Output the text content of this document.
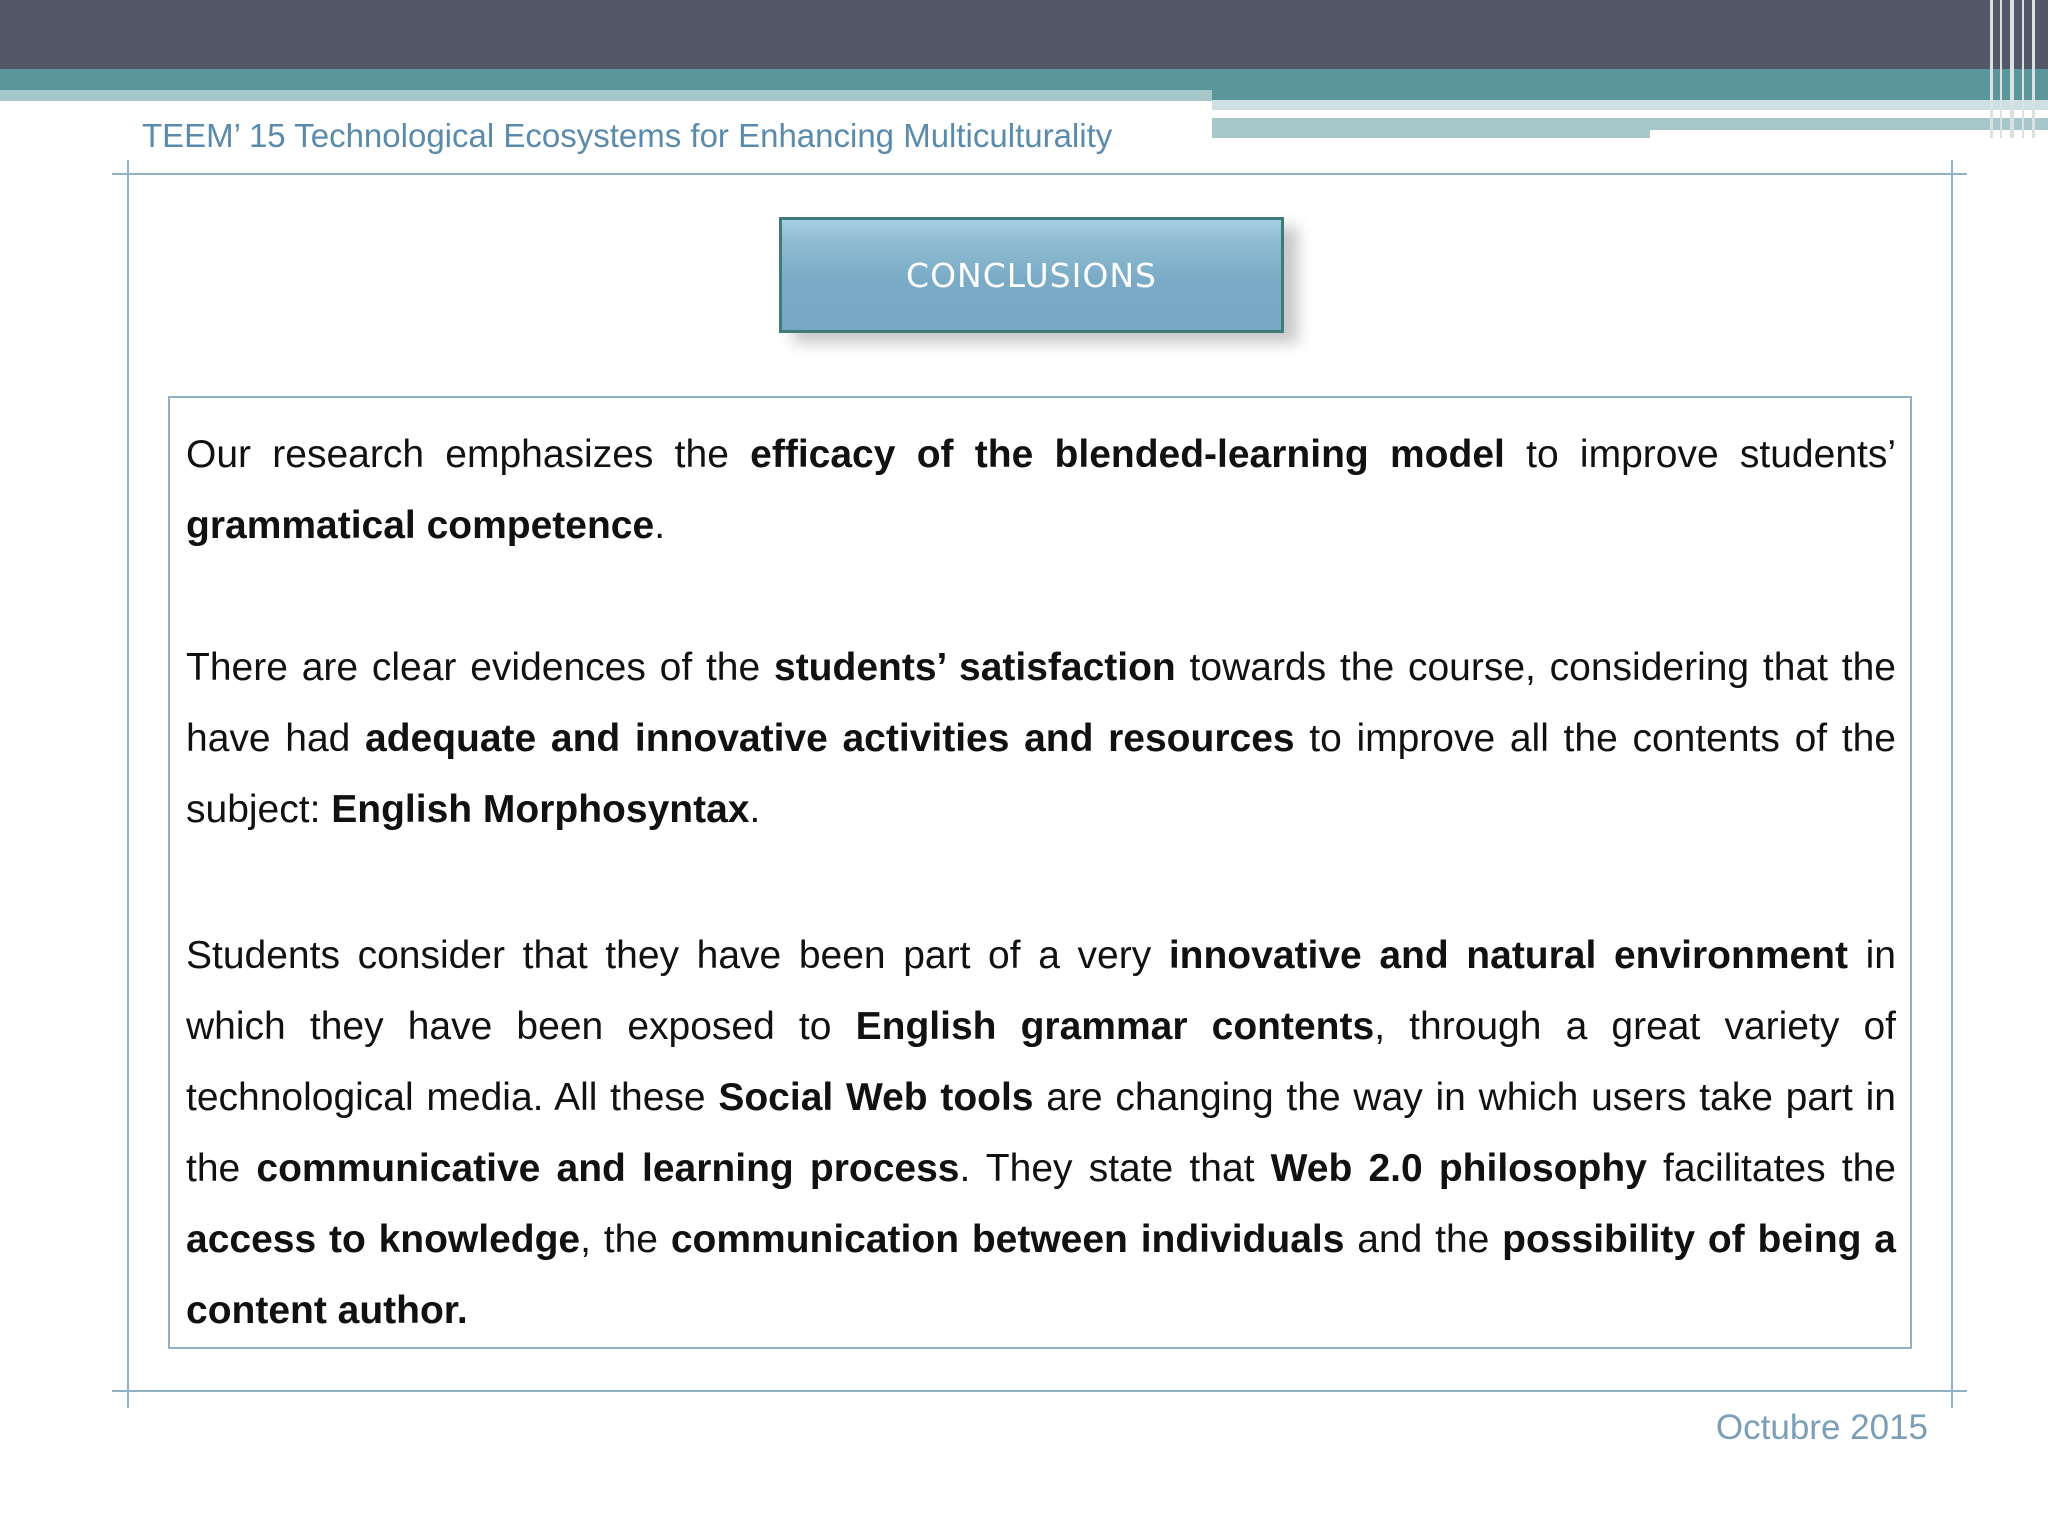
TEEM’ 15 Technological Ecosystems for Enhancing Multiculturality
CONCLUSIONS

Our research emphasizes the efficacy of the blended-learning model to improve students’ grammatical competence.

There are clear evidences of the students’ satisfaction towards the course, considering that the have had adequate and innovative activities and resources to improve all the contents of the subject: English Morphosyntax.

Students consider that they have been part of a very innovative and natural environment in which they have been exposed to English grammar contents, through a great variety of technological media. All these Social Web tools are changing the way in which users take part in the communicative and learning process. They state that Web 2.0 philosophy facilitates the access to knowledge, the communication between individuals and the possibility of being a content author.

Octubre 2015
